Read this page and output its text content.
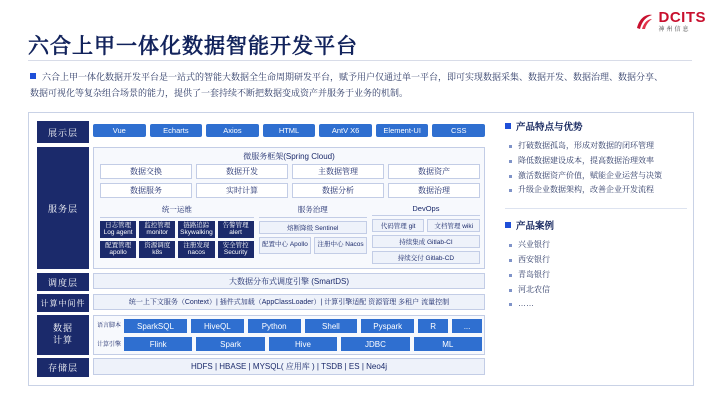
DCITS
神州信息
六合上甲一体化数据智能开发平台
六合上甲一体化数据开发平台是一站式的智能大数据全生命周期研发平台，赋予用户仅通过单一平台，即可实现数据采集、数据开发、数据治理、数据分享、数据可视化等复杂组合场景的能力，提供了一套持续不断把数据变成资产并服务于业务的机制。
展示层
服务层
调度层
计算中间件
数据
计算
存储层
Vue	Echarts	Axios	HTML	AntV X6	Element-UI	CSS
微服务框架(Spring Cloud)
数据交换	数据开发	主数据管理	数据资产
数据服务	实时计算	数据分析	数据治理
统一运维
日志管理 Log agent
监控管理 monitor
链路追踪 Skywalking
告警管理 alert
配置管理 apollo
资源调度 k8s
注册发现 nacos
安全管控 Security
服务治理
熔断降级 Sentinel
配置中心 Apollo	注册中心 Nacos
DevOps
代码管理 git	文档管理 wiki
持续集成 Gitlab-CI
持续交付 Gitlab-CD
大数据分布式调度引擎 (SmartDS)
统一上下文服务（Context）| 插件式加载（AppClassLoader）| 计算引擎适配 资源管理 多租户 流量控制
语言脚本
计算引擎
SparkSQL	HiveQL	Python	Shell	Pyspark	R	...
Flink	Spark	Hive	JDBC	ML
HDFS | HBASE | MYSQL( 应用库 ) | TSDB | ES | Neo4j
产品特点与优势
打破数据孤岛，形成对数据的闭环管理
降低数据建设成本，提高数据治理效率
激活数据资产价值，赋能企业运营与决策
升级企业数据架构，改善企业开发流程
产品案例
兴业银行
西安银行
青岛银行
河北农信
……
